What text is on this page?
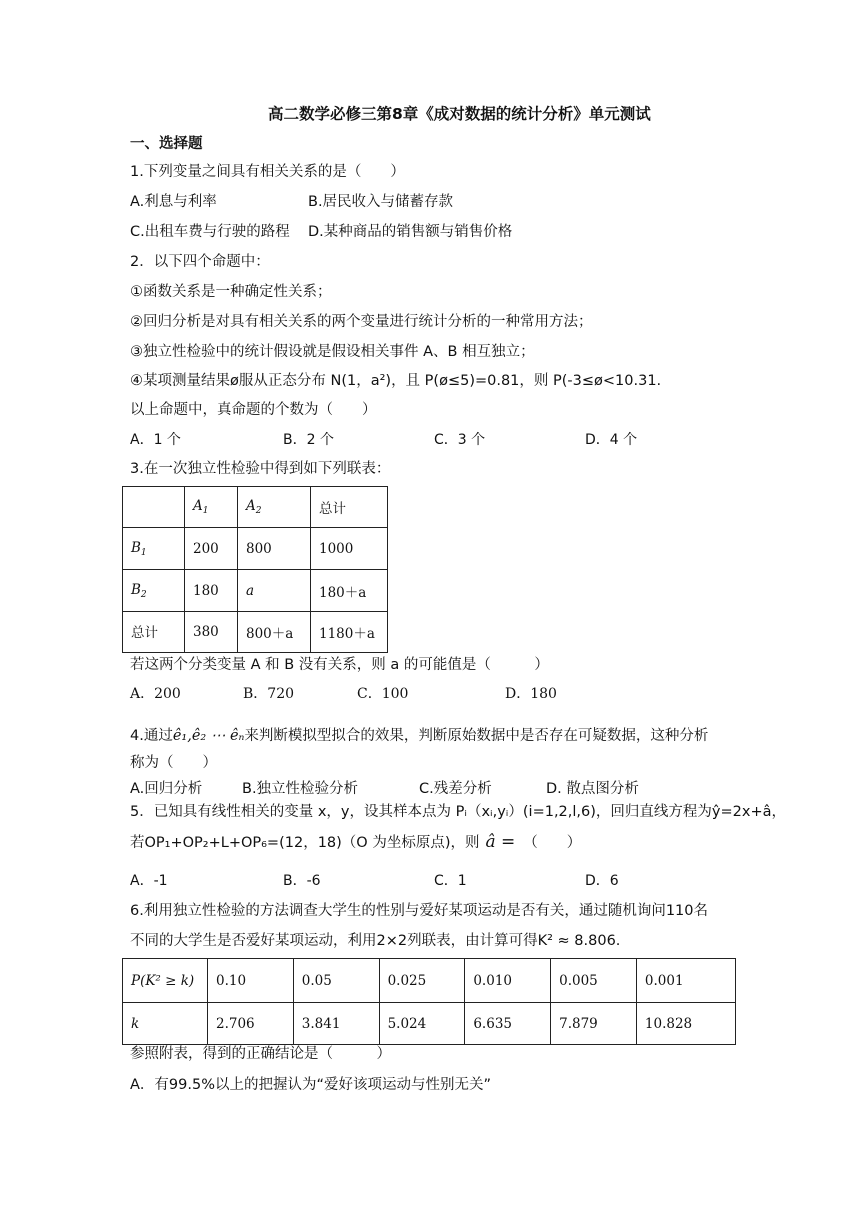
高二数学必修三第8章《成对数据的统计分析》单元测试
一、选择题
1.下列变量之间具有相关关系的是（　　）
A.利息与利率	B.居民收入与储蓄存款
C.出租车费与行驶的路程 D.某种商品的销售额与销售价格
2．以下四个命题中：
①函数关系是一种确定性关系；
②回归分析是对具有相关关系的两个变量进行统计分析的一种常用方法；
③独立性检验中的统计假设就是假设相关事件 A、B 相互独立；
④某项测量结果ø服从正态分布 N(1，a²)，且 P(ø≤5)=0.81，则 P(-3≤ø<10.31.
以上命题中，真命题的个数为（　　）
A．1 个	B．2 个	C．3 个	D．4 个
3.在一次独立性检验中得到如下列联表：
	$A_1$	$A_2$	总计
$B_1$	200	800	1000
$B_2$	180	a	180＋a
总计	380	800＋a	1180＋a
若这两个分类变量 A 和 B 没有关系，则 a 的可能值是（　　　）
A．200	B．720	C．100	D．180
4.通过ê₁,ê₂ ⋯ êₙ来判断模拟型拟合的效果，判断原始数据中是否存在可疑数据，这种分析
称为（　　）
A.回归分析	B.独立性检验分析	C.残差分析	D. 散点图分析
5．已知具有线性相关的变量 x，y，设其样本点为 Pᵢ（xᵢ,yᵢ）(i=1,2,l,6)，回归直线方程为ŷ=2x+â，
若OP₁+OP₂+L+OP₆=(12，18)（O 为坐标原点)，则 â = （　　）
A．-1	B．-6	C．1	D．6
6.利用独立性检验的方法调查大学生的性别与爱好某项运动是否有关，通过随机询问110名
不同的大学生是否爱好某项运动，利用2×2列联表，由计算可得K² ≈ 8.806.
P(K² ≥ k)	0.10	0.05	0.025	0.010	0.005	0.001
k	2.706	3.841	5.024	6.635	7.879	10.828
参照附表，得到的正确结论是（　　　）
A．有99.5%以上的把握认为“爱好该项运动与性别无关”
